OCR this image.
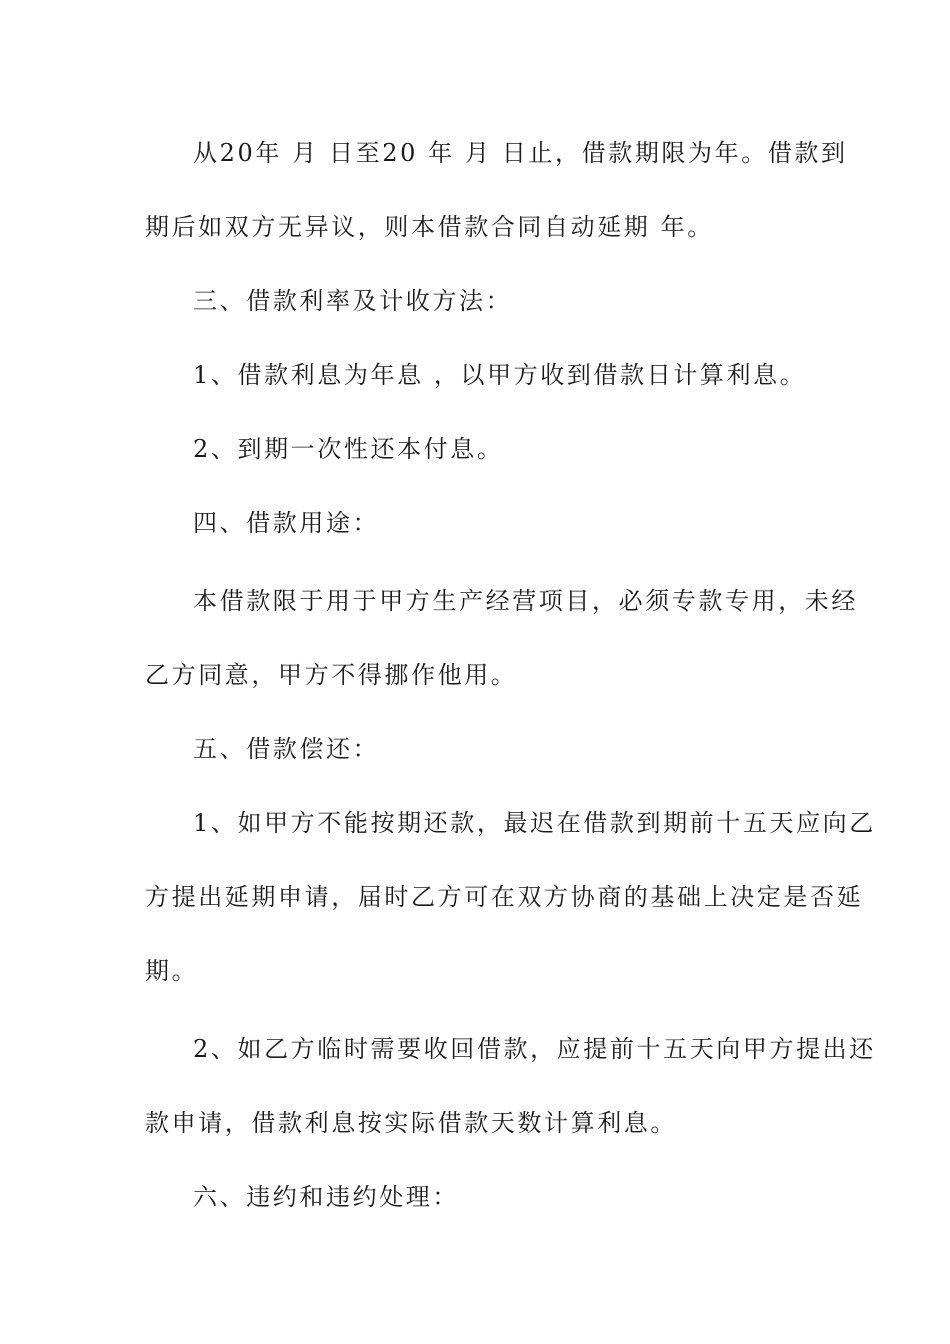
从20年 月 日至20 年 月 日止，借款期限为年。借款到
期后如双方无异议，则本借款合同自动延期 年。
三、借款利率及计收方法：
1、借款利息为年息 ，以甲方收到借款日计算利息。
2、到期一次性还本付息。
四、借款用途：
本借款限于用于甲方生产经营项目，必须专款专用，未经
乙方同意，甲方不得挪作他用。
五、借款偿还：
1、如甲方不能按期还款，最迟在借款到期前十五天应向乙
方提出延期申请，届时乙方可在双方协商的基础上决定是否延
期。
2、如乙方临时需要收回借款，应提前十五天向甲方提出还
款申请，借款利息按实际借款天数计算利息。
六、违约和违约处理：
